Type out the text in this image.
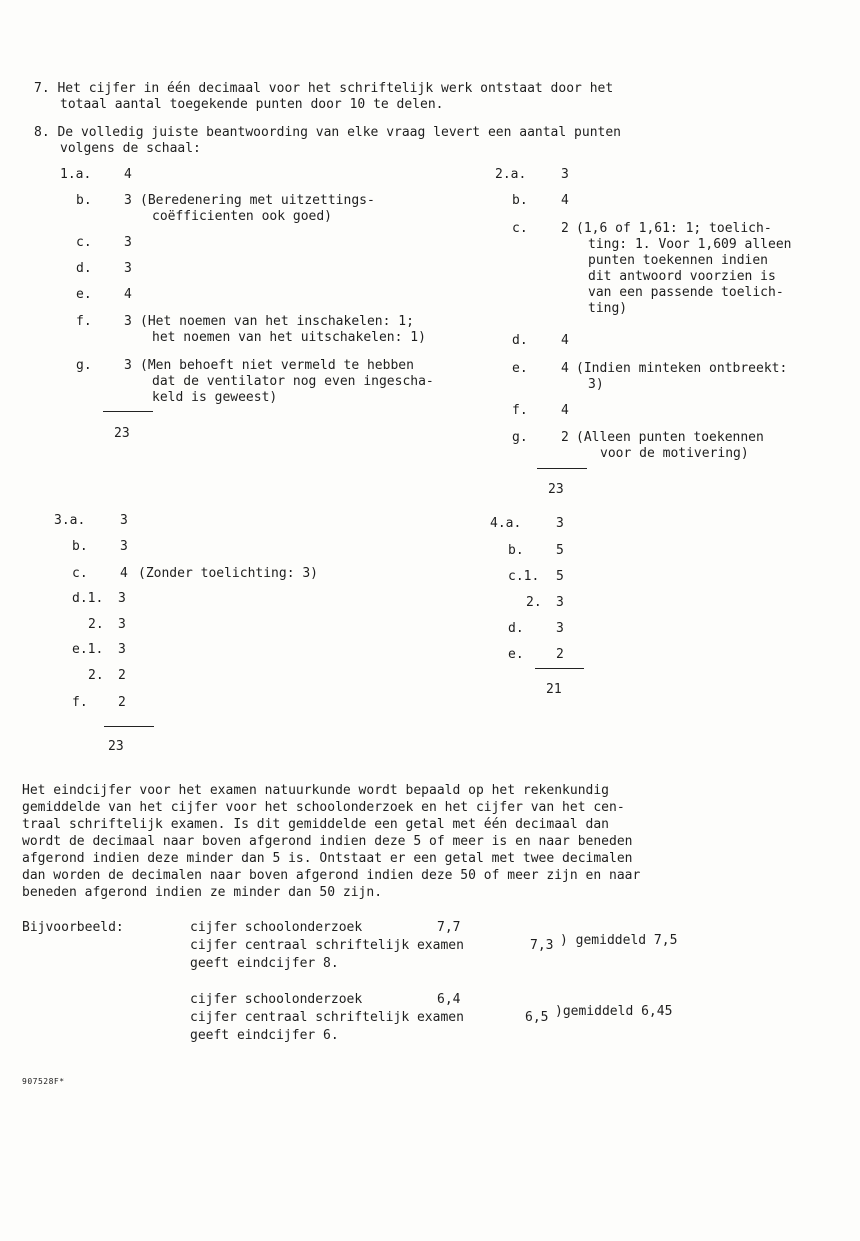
7. Het cijfer in één decimaal voor het schriftelijk werk ontstaat door het
totaal aantal toegekende punten door 10 te delen.
8. De volledig juiste beantwoording van elke vraag levert een aantal punten
volgens de schaal:
1.a.	4
b. 3 (Beredenering met uitzettings-
coëfficienten ook goed)
c. 3
d. 3
e. 4
f. 3 (Het noemen van het inschakelen: 1;
het noemen van het uitschakelen: 1)
g. 3 (Men behoeft niet vermeld te hebben
dat de ventilator nog even ingescha-
keld is geweest)
23
2.a.	3
b.	4
c.	2 (1,6 of 1,61: 1; toelich-
ting: 1. Voor 1,609 alleen
punten toekennen indien
dit antwoord voorzien is
van een passende toelich-
ting)
d.	4
e.	4 (Indien minteken ontbreekt:
3)
f.	4
g.	2 (Alleen punten toekennen
voor de motivering)
23
3.a.	3
b. 3
c. 4 (Zonder toelichting: 3)
d.1. 3
2. 3
e.1. 3
2. 2
f. 2
23
4.a.	3
b. 5
c.1. 5
2. 3
d. 3
e. 2
21
Het eindcijfer voor het examen natuurkunde wordt bepaald op het rekenkundig
gemiddelde van het cijfer voor het schoolonderzoek en het cijfer van het cen-
traal schriftelijk examen. Is dit gemiddelde een getal met één decimaal dan
wordt de decimaal naar boven afgerond indien deze 5 of meer is en naar beneden
afgerond indien deze minder dan 5 is. Ontstaat er een getal met twee decimalen
dan worden de decimalen naar boven afgerond indien deze 50 of meer zijn en naar
beneden afgerond indien ze minder dan 50 zijn.
Bijvoorbeeld:	cijfer schoolonderzoek	7,7
cijfer centraal schriftelijk examen	7,3 ) gemiddeld 7,5
geeft eindcijfer 8.
cijfer schoolonderzoek	6,4
cijfer centraal schriftelijk examen	6,5 )gemiddeld 6,45
geeft eindcijfer 6.
907528F*
